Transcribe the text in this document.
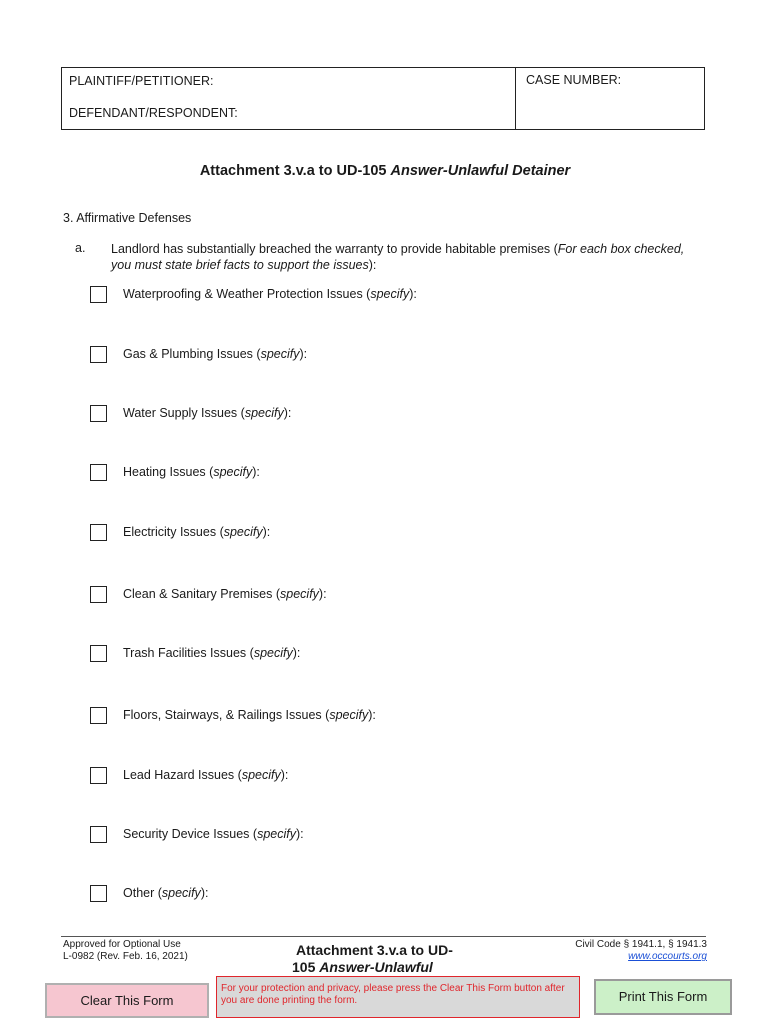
PLAINTIFF/PETITIONER:
DEFENDANT/RESPONDENT:
CASE NUMBER:
Attachment 3.v.a to UD-105 Answer-Unlawful Detainer
3. Affirmative Defenses
a. Landlord has substantially breached the warranty to provide habitable premises (For each box checked,
you must state brief facts to support the issues):
Waterproofing & Weather Protection Issues (specify):
Gas & Plumbing Issues (specify):
Water Supply Issues (specify):
Heating Issues (specify):
Electricity Issues (specify):
Clean & Sanitary Premises (specify):
Trash Facilities Issues (specify):
Floors, Stairways, & Railings Issues (specify):
Lead Hazard Issues (specify):
Security Device Issues (specify):
Other (specify):
Approved for Optional Use
L-0982 (Rev. Feb. 16, 2021)	Attachment 3.v.a to UD-
105 Answer-Unlawful
Civil Code § 1941.1, § 1941.3
www.occourts.org
Clear This Form
For your protection and privacy, please press the Clear This Form button after you are done printing the form.	Print This Form
